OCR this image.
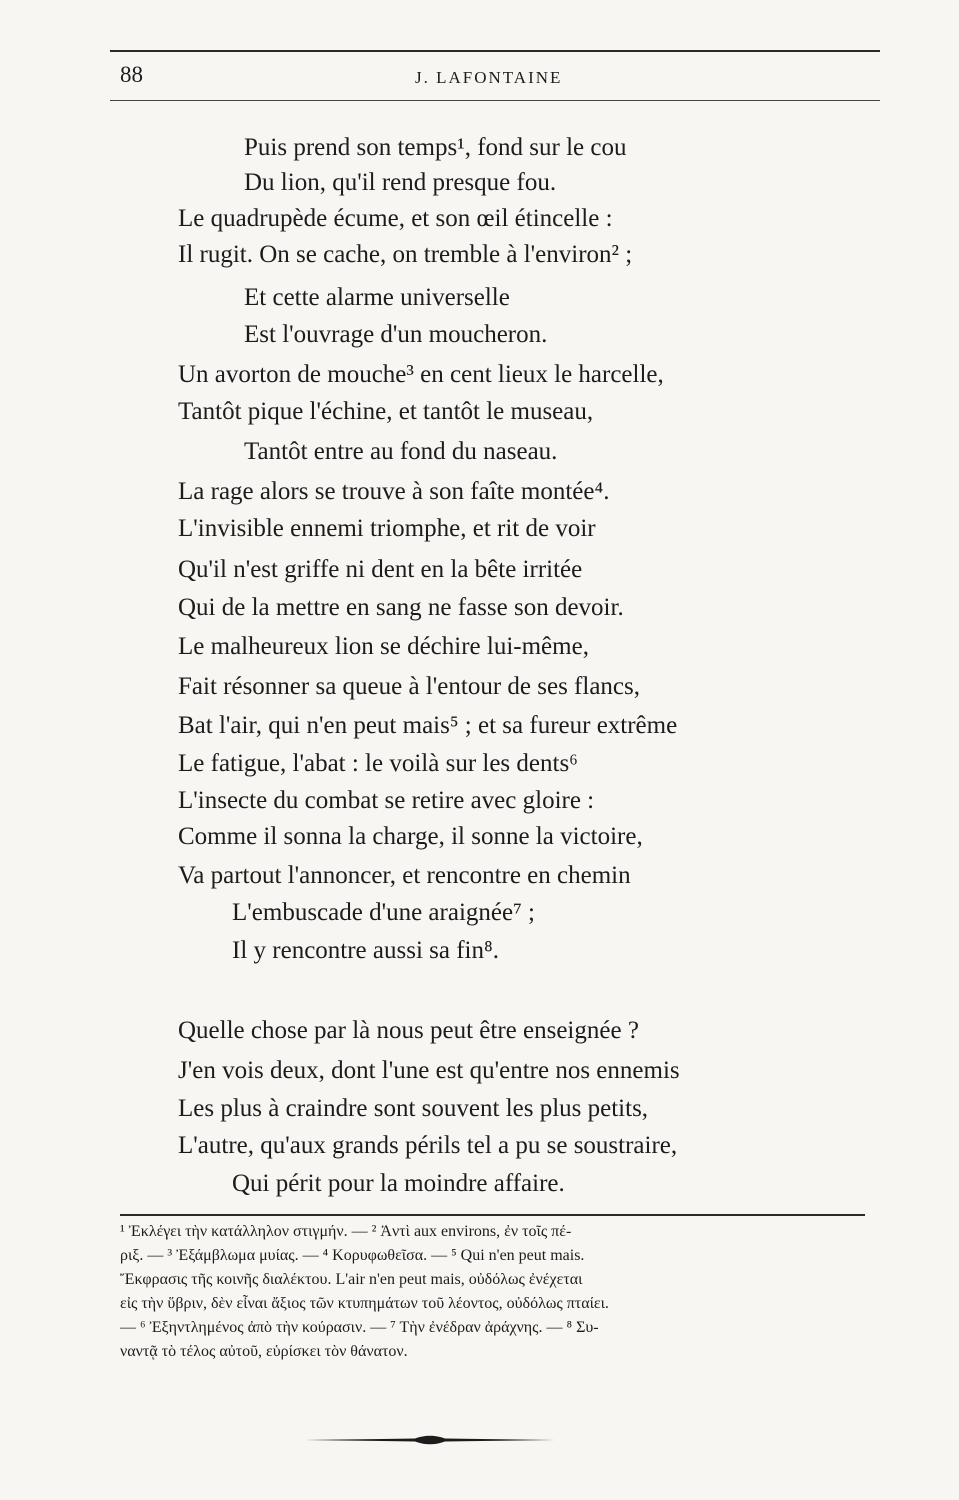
88	J. LAFONTAINE
Puis prend son temps¹, fond sur le cou
Du lion, qu'il rend presque fou.
Le quadrupède écume, et son œil étincelle :
Il rugit. On se cache, on tremble à l'environ² ;
Et cette alarme universelle
Est l'ouvrage d'un moucheron.
Un avorton de mouche³ en cent lieux le harcelle,
Tantôt pique l'échine, et tantôt le museau,
Tantôt entre au fond du naseau.
La rage alors se trouve à son faîte montée⁴.
L'invisible ennemi triomphe, et rit de voir
Qu'il n'est griffe ni dent en la bête irritée
Qui de la mettre en sang ne fasse son devoir.
Le malheureux lion se déchire lui-même,
Fait résonner sa queue à l'entour de ses flancs,
Bat l'air, qui n'en peut mais⁵ ; et sa fureur extrême
Le fatigue, l'abat : le voilà sur les dents⁶
L'insecte du combat se retire avec gloire :
Comme il sonna la charge, il sonne la victoire,
Va partout l'annoncer, et rencontre en chemin
L'embuscade d'une araignée⁷ ;
Il y rencontre aussi sa fin⁸.
Quelle chose par là nous peut être enseignée ?
J'en vois deux, dont l'une est qu'entre nos ennemis
Les plus à craindre sont souvent les plus petits,
L'autre, qu'aux grands périls tel a pu se soustraire,
Qui périt pour la moindre affaire.
¹ Ἐκλέγει τὴν κατάλληλον στιγμήν. — ² Ἀντὶ aux environs, ἐν τοῖς πέ-
ριξ. — ³ Ἐξάμβλωμα μυίας. — ⁴ Κορυφωθεῖσα. — ⁵ Qui n'en peut mais.
Ἔκφρασις τῆς κοινῆς διαλέκτου. L'air n'en peut mais, οὐδόλως ἐνέχεται
εἰς τὴν ὕβριν, δὲν εἶναι ἄξιος τῶν κτυπημάτων τοῦ λέοντος, οὐδόλως πταίει.
— ⁶ Ἐξηντλημένος ἀπὸ τὴν κούρασιν. — ⁷ Τὴν ἐνέδραν ἀράχνης. — ⁸ Συ-
ναντᾷ τὸ τέλος αὐτοῦ, εὑρίσκει τὸν θάνατον.
